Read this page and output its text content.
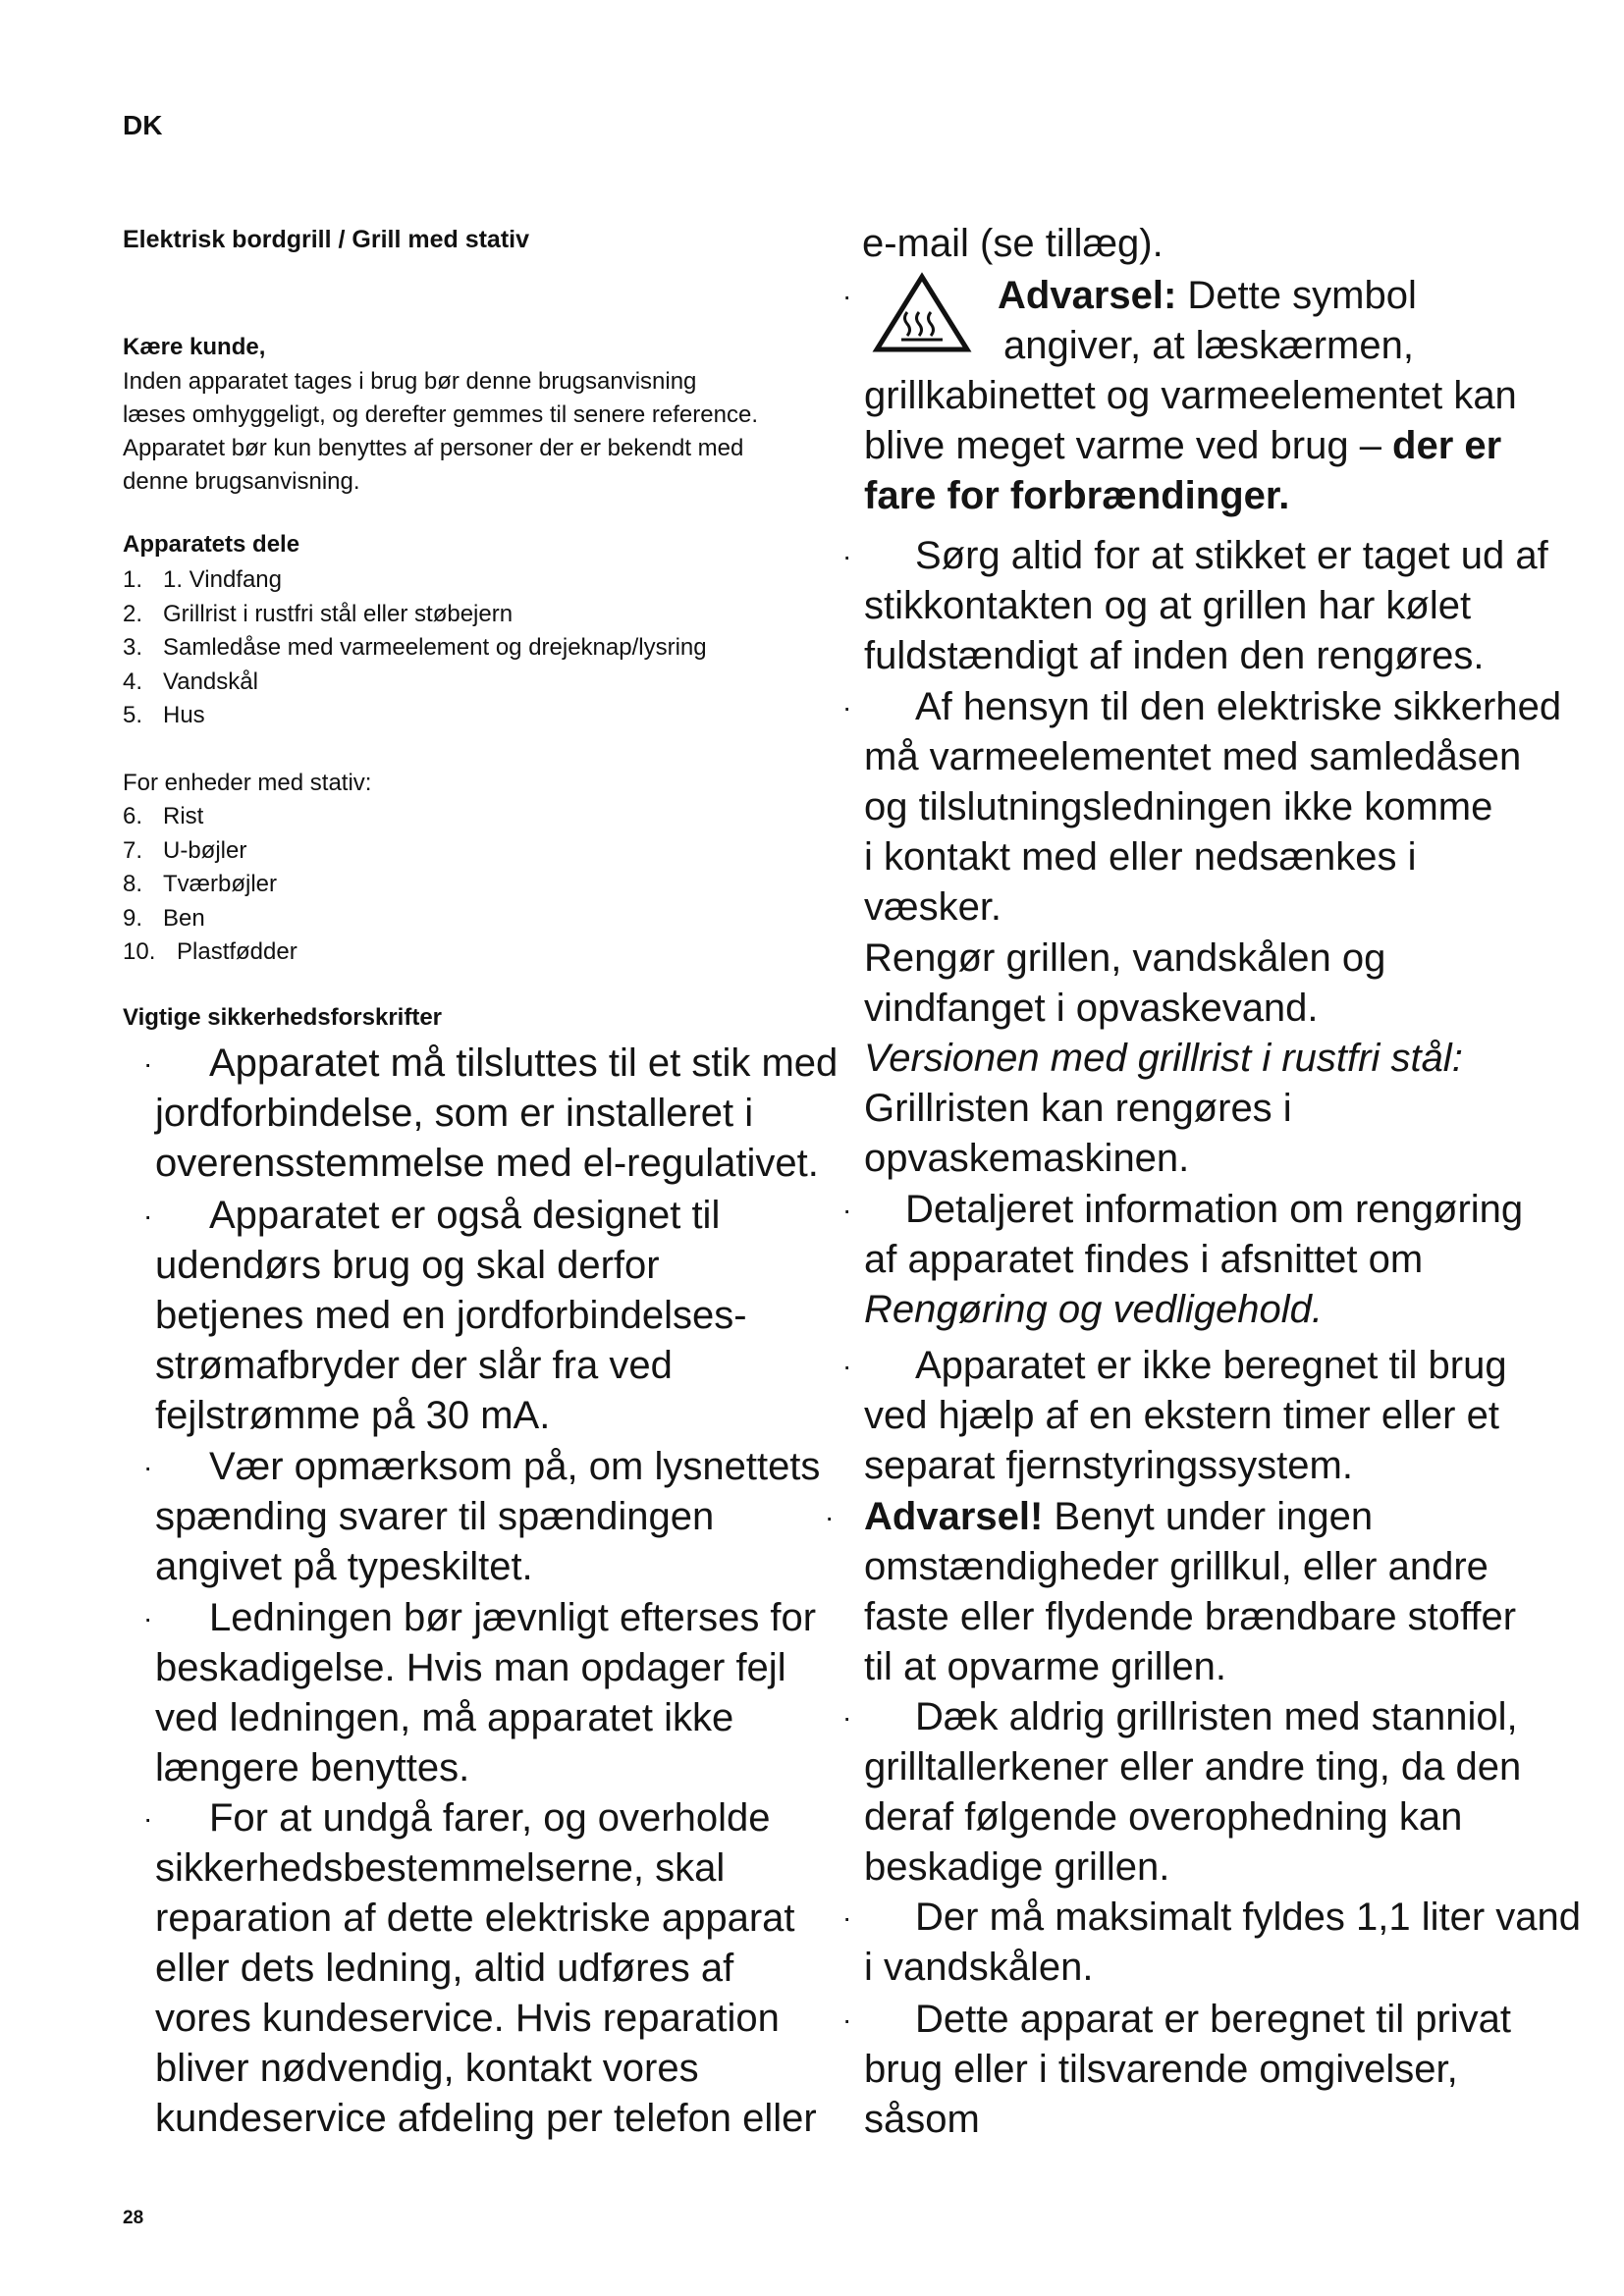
DK
Elektrisk bordgrill / Grill med stativ
Kære kunde,
Inden apparatet tages i brug bør denne brugsanvisning læses omhyggeligt, og derefter gemmes til senere reference. Apparatet bør kun benyttes af personer der er bekendt med denne brugsanvisning.
Apparatets dele
1. 1. Vindfang
2. Grillrist i rustfri stål eller støbejern
3. Samledåse med varmeelement og drejeknap/lysring
4. Vandskål
5. Hus
For enheder med stativ:
6. Rist
7. U-bøjler
8. Tværbøjler
9. Ben
10. Plastfødder
Vigtige sikkerhedsforskrifter
· Apparatet må tilsluttes til et stik med
jordforbindelse, som er installeret i
overensstemmelse med el-regulativet.
· Apparatet er også designet til
udendørs brug og skal derfor
betjenes med en jordforbindelses-
strømafbryder der slår fra ved
fejlstrømme på 30 mA.
· Vær opmærksom på, om lysnettets
spænding svarer til spændingen
angivet på typeskiltet.
· Ledningen bør jævnligt efterses for
beskadigelse. Hvis man opdager fejl
ved ledningen, må apparatet ikke
længere benyttes.
· For at undgå farer, og overholde
sikkerhedsbestemmelserne, skal
reparation af dette elektriske apparat
eller dets ledning, altid udføres af
vores kundeservice. Hvis reparation
bliver nødvendig, kontakt vores
kundeservice afdeling per telefon eller
e-mail (se tillæg).
·	Advarsel: Dette symbol
angiver, at læskærmen,
grillkabinettet og varmeelementet kan
blive meget varme ved brug – der er
fare for forbrændinger.
· Sørg altid for at stikket er taget ud af
stikkontakten og at grillen har kølet
fuldstændigt af inden den rengøres.
· Af hensyn til den elektriske sikkerhed
må varmeelementet med samledåsen
og tilslutningsledningen ikke komme
i kontakt med eller nedsænkes i
væsker.
Rengør grillen, vandskålen og
vindfanget i opvaskevand.
Versionen med grillrist i rustfri stål:
Grillristen kan rengøres i
opvaskemaskinen.
· Detaljeret information om rengøring
af apparatet findes i afsnittet om
Rengøring og vedligehold.
· Apparatet er ikke beregnet til brug
ved hjælp af en ekstern timer eller et
separat fjernstyringssystem.
· Advarsel! Benyt under ingen
omstændigheder grillkul, eller andre
faste eller flydende brændbare stoffer
til at opvarme grillen.
· Dæk aldrig grillristen med stanniol,
grilltallerkener eller andre ting, da den
deraf følgende overophedning kan
beskadige grillen.
· Der må maksimalt fyldes 1,1 liter vand
i vandskålen.
· Dette apparat er beregnet til privat
brug eller i tilsvarende omgivelser,
såsom
28
